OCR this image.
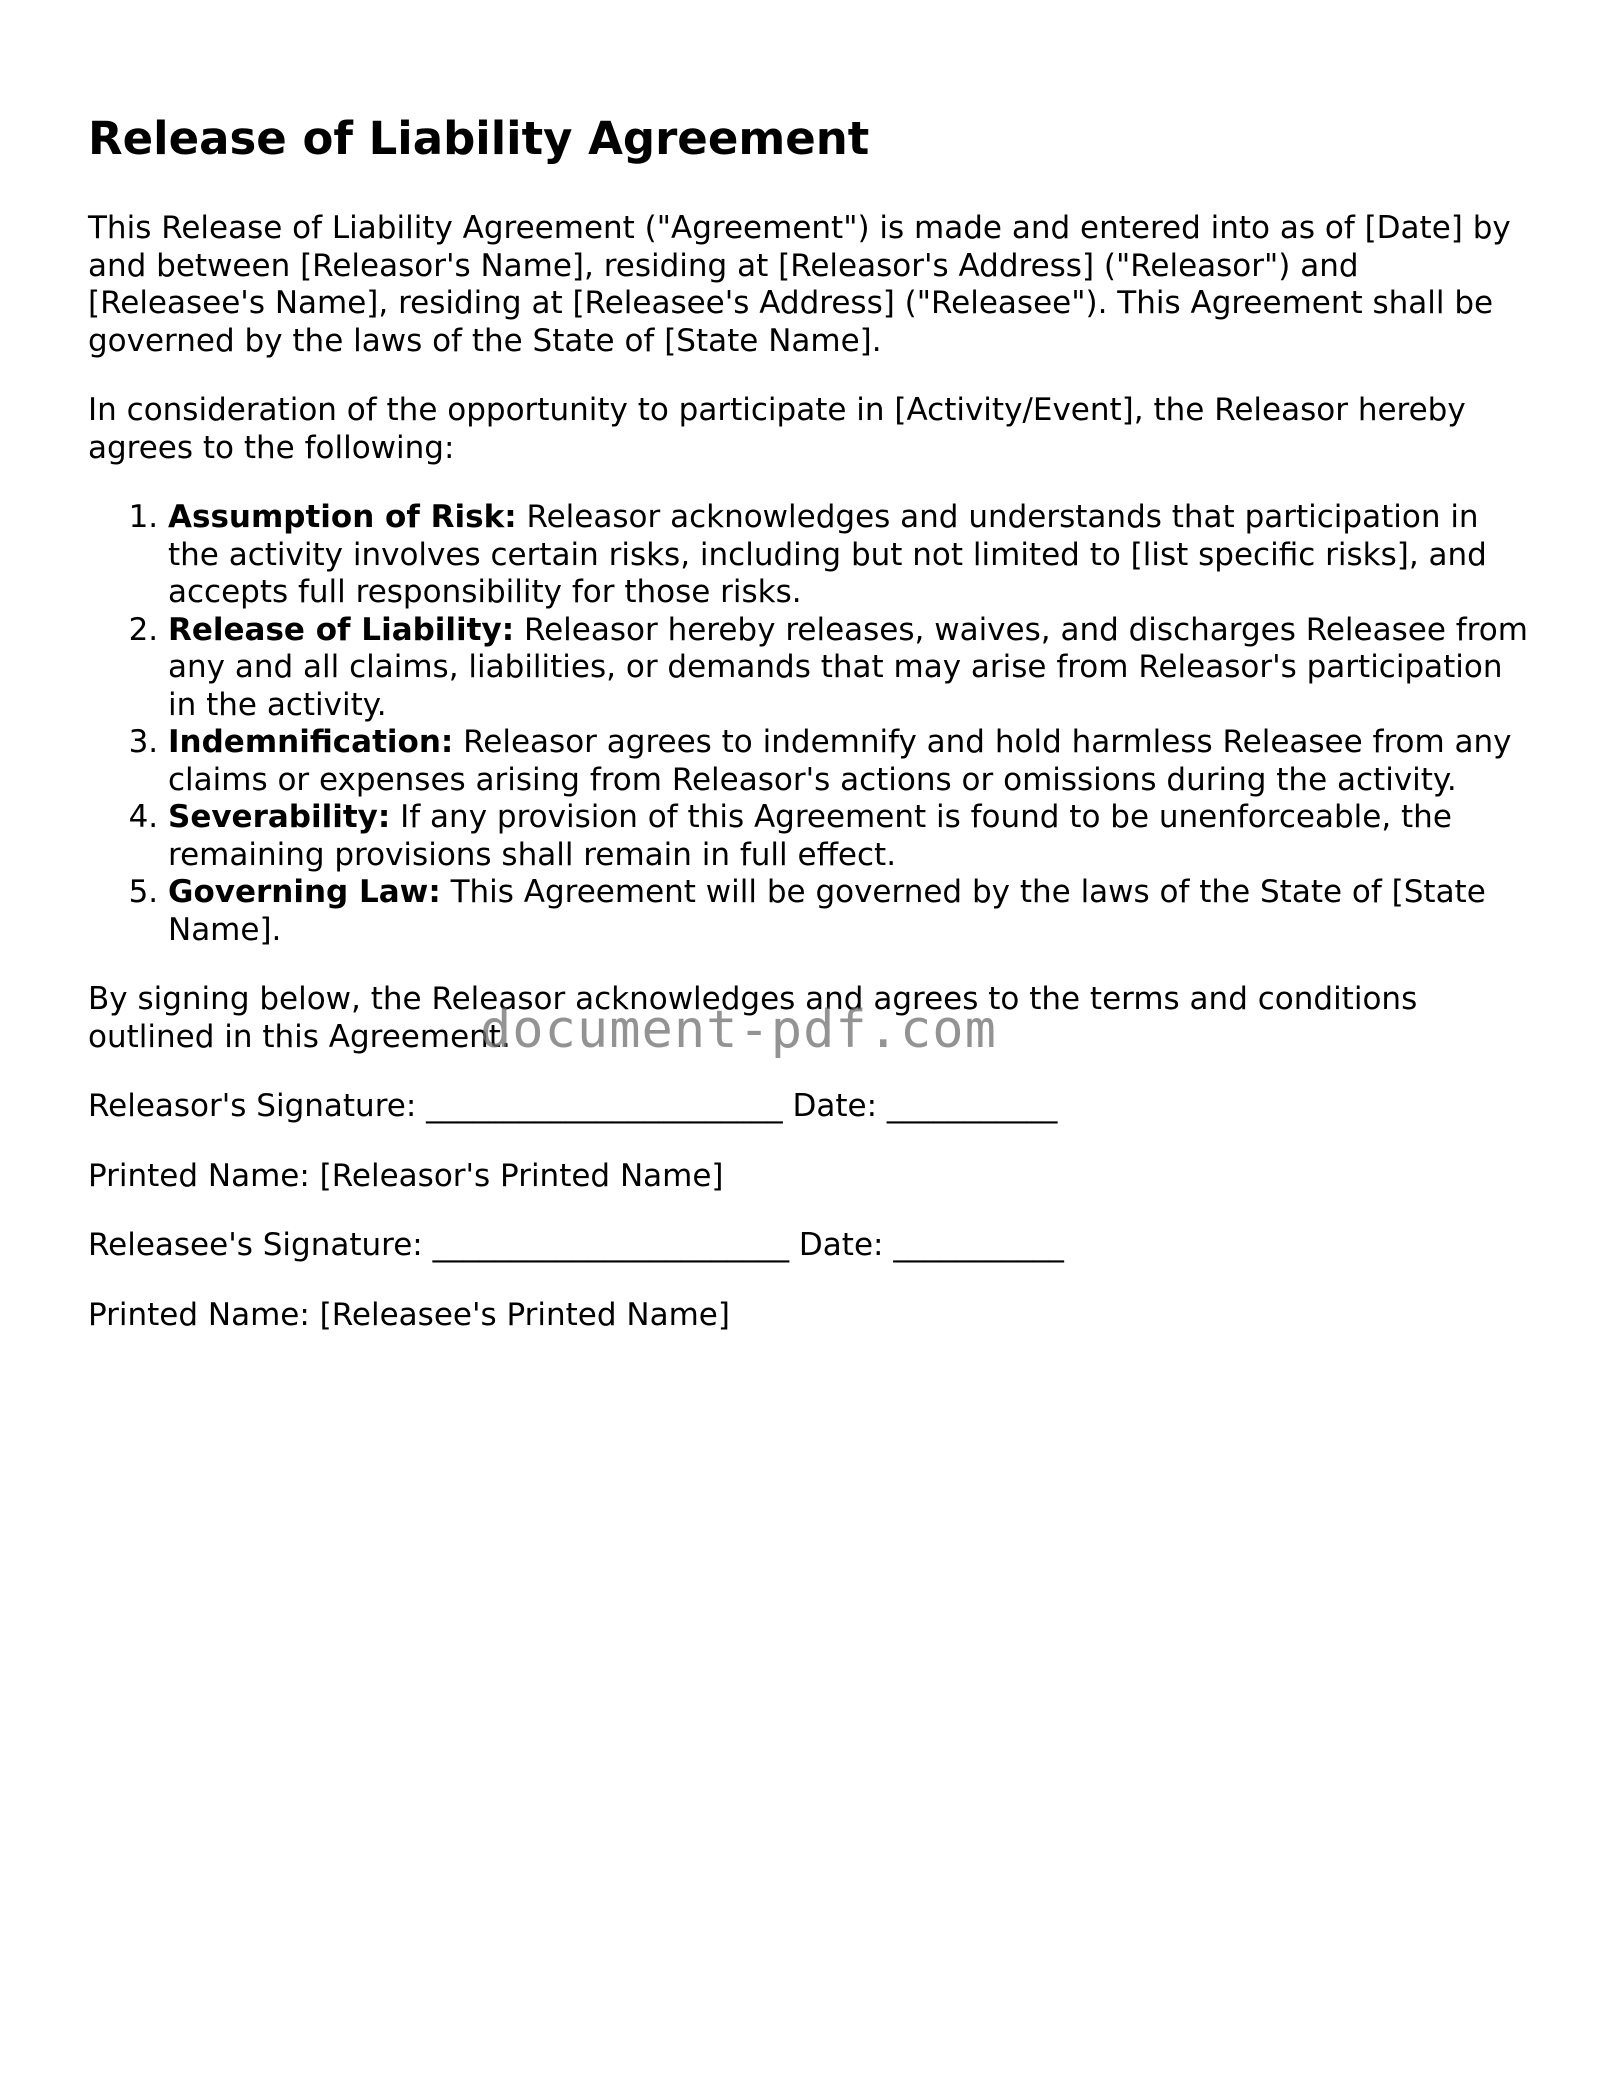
Release of Liability Agreement

This Release of Liability Agreement ("Agreement") is made and entered into as of [Date] by and between [Releasor's Name], residing at [Releasor's Address] ("Releasor") and [Releasee's Name], residing at [Releasee's Address] ("Releasee"). This Agreement shall be governed by the laws of the State of [State Name].

In consideration of the opportunity to participate in [Activity/Event], the Releasor hereby agrees to the following:

1. Assumption of Risk: Releasor acknowledges and understands that participation in the activity involves certain risks, including but not limited to [list specific risks], and accepts full responsibility for those risks.
2. Release of Liability: Releasor hereby releases, waives, and discharges Releasee from any and all claims, liabilities, or demands that may arise from Releasor's participation in the activity.
3. Indemnification: Releasor agrees to indemnify and hold harmless Releasee from any claims or expenses arising from Releasor's actions or omissions during the activity.
4. Severability: If any provision of this Agreement is found to be unenforceable, the remaining provisions shall remain in full effect.
5. Governing Law: This Agreement will be governed by the laws of the State of [State Name].

By signing below, the Releasor acknowledges and agrees to the terms and conditions outlined in this Agreement.

Releasor's Signature: _______________________ Date: ___________
Printed Name: [Releasor's Printed Name]
Releasee's Signature: _______________________ Date: ___________
Printed Name: [Releasee's Printed Name]
document-pdf.com
